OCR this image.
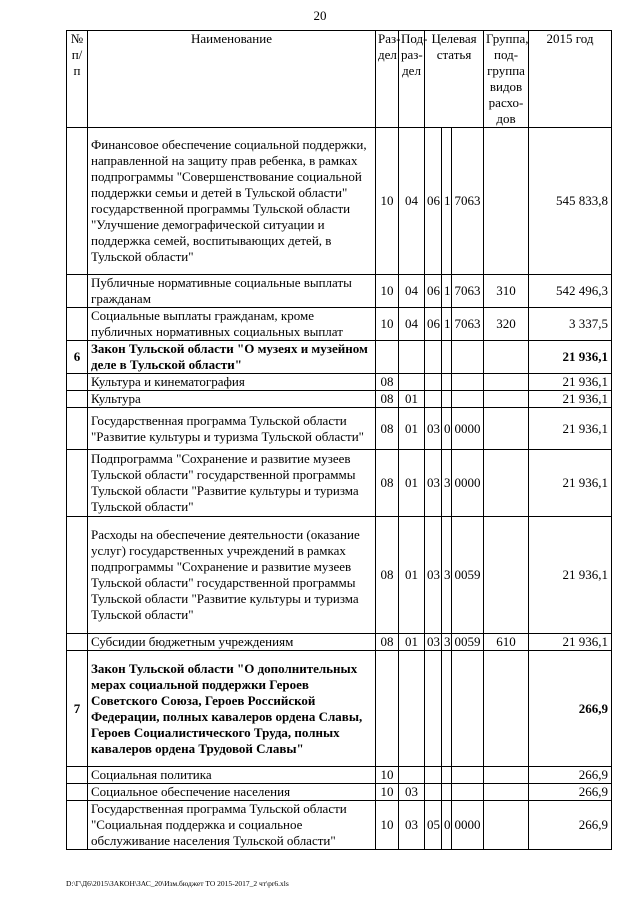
20
№ п/п	Наименование	Раз-дел	Под-раз-дел	Целевая статья			Группа, под-группа видов расхо-дов	2015 год
	Финансовое обеспечение социальной поддержки, направленной на защиту прав ребенка, в рамках подпрограммы "Совершенствование социальной поддержки семьи и детей в Тульской области" государственной программы Тульской области "Улучшение демографической ситуации и поддержка семей, воспитывающих детей, в Тульской области"	10	04	06	1	7063		545 833,8
	Публичные нормативные социальные выплаты гражданам	10	04	06	1	7063	310	542 496,3
	Социальные выплаты гражданам, кроме публичных нормативных социальных выплат	10	04	06	1	7063	320	3 337,5
6	Закон Тульской области "О музеях и музейном деле в Тульской области"							21 936,1
	Культура и кинематография	08						21 936,1
	Культура	08	01					21 936,1
	Государственная программа Тульской области "Развитие культуры и туризма Тульской области"	08	01	03	0	0000		21 936,1
	Подпрограмма "Сохранение и развитие музеев Тульской области" государственной программы Тульской области "Развитие культуры и туризма Тульской области"	08	01	03	3	0000		21 936,1
	Расходы на обеспечение деятельности (оказание услуг) государственных учреждений в рамках подпрограммы "Сохранение и развитие музеев Тульской области" государственной программы Тульской области "Развитие культуры и туризма Тульской области"	08	01	03	3	0059		21 936,1
	Субсидии бюджетным учреждениям	08	01	03	3	0059	610	21 936,1
7	Закон Тульской области "О дополнительных мерах социальной поддержки Героев Советского Союза, Героев Российской Федерации, полных кавалеров ордена Славы, Героев Социалистического Труда, полных кавалеров ордена Трудовой Славы"							266,9
	Социальная политика	10						266,9
	Социальное обеспечение населения	10	03					266,9
	Государственная программа Тульской области "Социальная поддержка и социальное обслуживание населения Тульской области"	10	03	05	0	0000		266,9
D:\Г\Д6\2015\ЗАКОН\ЗАС_20\Изм.бюджет ТО 2015-2017_2 чт\pr6.xls
